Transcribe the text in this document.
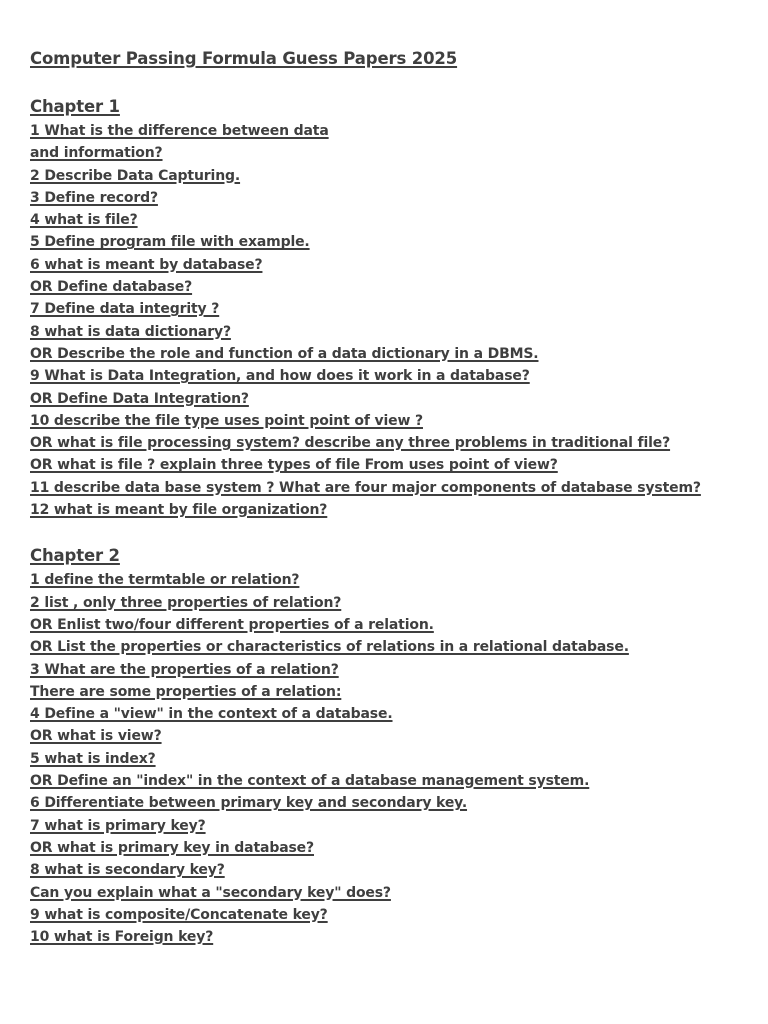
Computer Passing Formula Guess Papers 2025
Chapter 1
1 What is the difference between data
and information?
2 Describe Data Capturing.
3 Define record?
4 what is file?
5 Define program file with example.
6 what is meant by database?
OR Define database?
7 Define data integrity ?
8 what is data dictionary?
OR Describe the role and function of a data dictionary in a DBMS.
9 What is Data Integration, and how does it work in a database?
OR Define Data Integration?
10 describe the file type uses point point of view ?
OR what is file processing system? describe any three problems in traditional file?
OR what is file ? explain three types of file From uses point of view?
11 describe data base system ? What are four major components of database system?
12 what is meant by file organization?
Chapter 2
1 define the termtable or relation?
2 list , only three properties of relation?
OR Enlist two/four different properties of a relation.
OR List the properties or characteristics of relations in a relational database.
3 What are the properties of a relation?
There are some properties of a relation:
4 Define a "view" in the context of a database.
OR what is view?
5 what is index?
OR Define an "index" in the context of a database management system.
6 Differentiate between primary key and secondary key.
7 what is primary key?
OR what is primary key in database?
8 what is secondary key?
Can you explain what a "secondary key" does?
9 what is composite/Concatenate key?
10 what is Foreign key?
